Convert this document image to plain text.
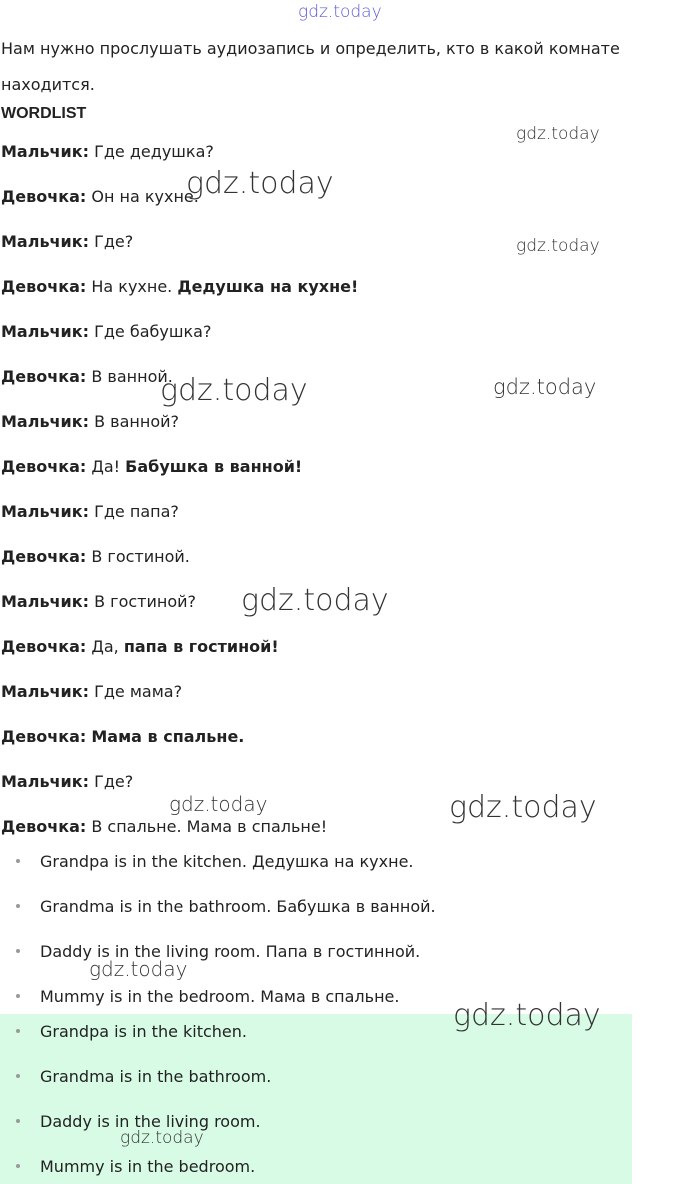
gdz.today
Нам нужно прослушать аудиозапись и определить, кто в какой комнате находится.
WORDLIST
Мальчик: Где дедушка?
Девочка: Он на кухне.
Мальчик: Где?
Девочка: На кухне. Дедушка на кухне!
Мальчик: Где бабушка?
Девочка: В ванной.
Мальчик: В ванной?
Девочка: Да! Бабушка в ванной!
Мальчик: Где папа?
Девочка: В гостиной.
Мальчик: В гостиной?
Девочка: Да, папа в гостиной!
Мальчик: Где мама?
Девочка: Мама в спальне.
Мальчик: Где?
Девочка: В спальне. Мама в спальне!
Grandpa is in the kitchen. Дедушка на кухне.
Grandma is in the bathroom. Бабушка в ванной.
Daddy is in the living room. Папа в гостинной.
Mummy is in the bedroom. Мама в спальне.
Grandpa is in the kitchen.
Grandma is in the bathroom.
Daddy is in the living room.
Mummy is in the bedroom.
gdz.today
gdz.today
gdz.today
gdz.today	gdz.today
gdz.today
gdz.today	gdz.today
gdz.today
gdz.today
gdz.today
